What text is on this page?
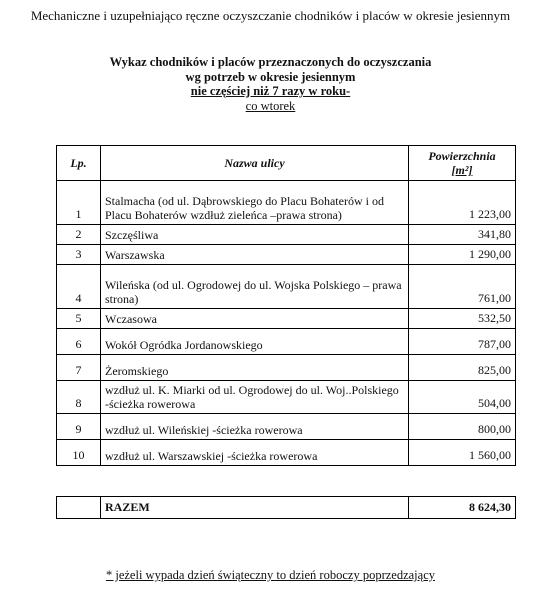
Mechaniczne i uzupełniająco ręczne oczyszczanie chodników i placów w okresie jesiennym
Wykaz chodników i placów przeznaczonych do oczyszczania
wg potrzeb w okresie jesiennym
nie częściej niż 7 razy w roku-
co wtorek
Lp.	Nazwa ulicy	Powierzchnia
[m²]

1	Stalmacha (od ul. Dąbrowskiego do Placu Bohaterów i od Placu Bohaterów wzdłuż zieleńca –prawa strona)	1 223,00
2	Szczęśliwa	341,80
3	Warszawska	1 290,00
4	Wileńska (od ul. Ogrodowej do ul. Wojska Polskiego – prawa strona)	761,00
5	Wczasowa	532,50
6	Wokół Ogródka Jordanowskiego	787,00
7	Żeromskiego	825,00
8	wzdłuż ul. K. Miarki od ul. Ogrodowej do ul. Woj..Polskiego -ścieżka rowerowa	504,00
9	wzdłuż ul. Wileńskiej -ścieżka rowerowa	800,00
10	wzdłuż ul. Warszawskiej -ścieżka rowerowa	1 560,00
	RAZEM	8 624,30
* jeżeli wypada dzień świąteczny to dzień roboczy poprzedzający
